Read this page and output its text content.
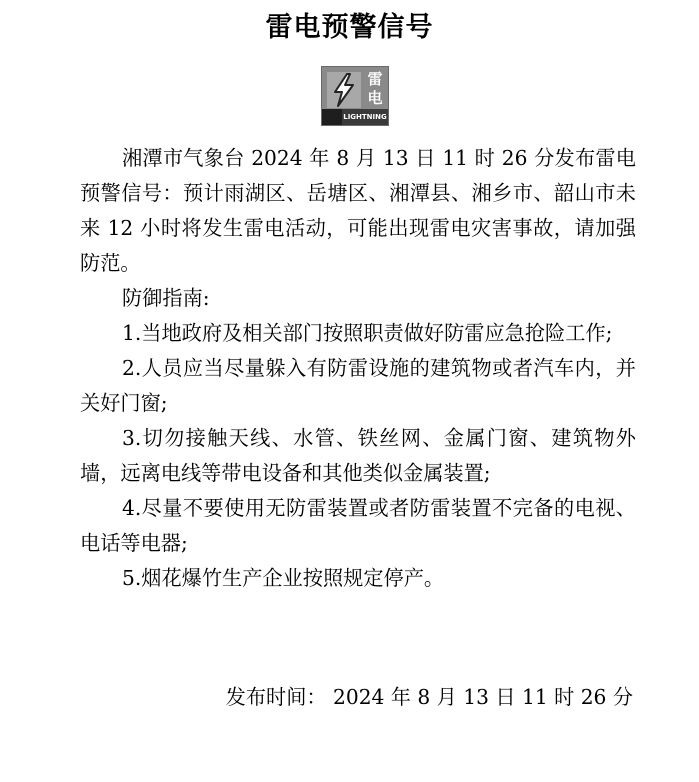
雷电预警信号
雷
电
LIGHTNING

湘潭市气象台 2024 年 8 月 13 日 11 时 26 分发布雷电预警信号：预计雨湖区、岳塘区、湘潭县、湘乡市、韶山市未来 12 小时将发生雷电活动，可能出现雷电灾害事故，请加强防范。

防御指南:

1.当地政府及相关部门按照职责做好防雷应急抢险工作;

2.人员应当尽量躲入有防雷设施的建筑物或者汽车内，并关好门窗;

3.切勿接触天线、水管、铁丝网、金属门窗、建筑物外墙，远离电线等带电设备和其他类似金属装置;

4.尽量不要使用无防雷装置或者防雷装置不完备的电视、电话等电器;

5.烟花爆竹生产企业按照规定停产。

发布时间： 2024 年 8 月 13 日 11 时 26 分
